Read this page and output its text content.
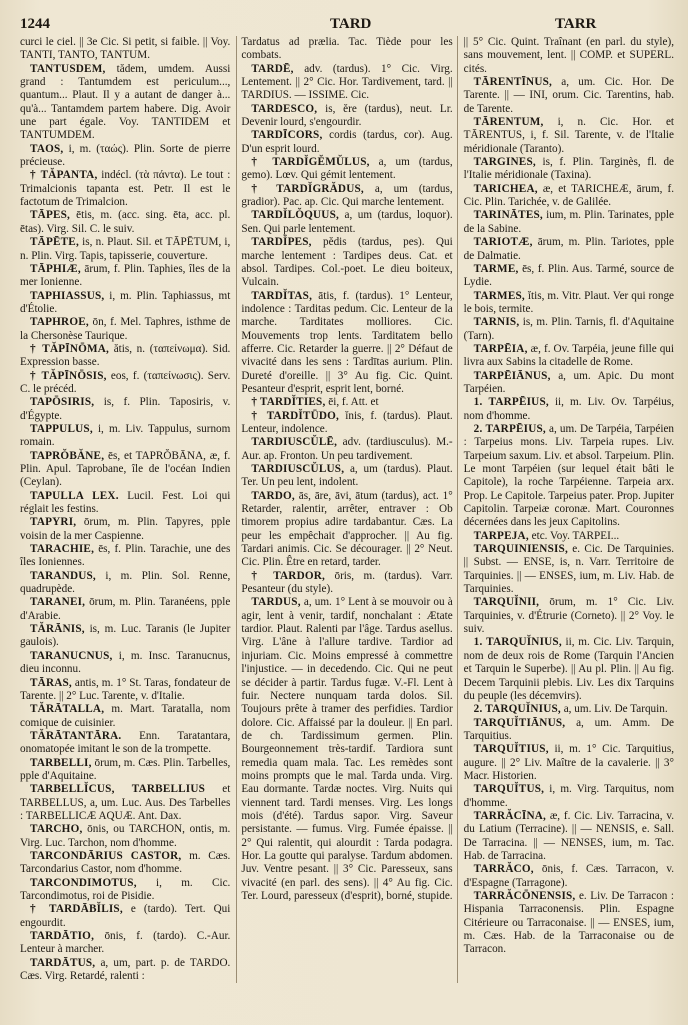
1244	TARD	TARR

curci le ciel. || 3e Cic. Si petit, si faible. || Voy. TANTI, TANTO, TANTUM.

TANTUSDEM, tădem, umdem. Aussi grand : Tantumdem est periculum..., quantum... Plaut. Il y a autant de danger à... qu'à... Tantamdem partem habere. Dig. Avoir une part égale. Voy. TANTIDEM et TANTUMDEM.

TAOS, i, m. (ταώς). Plin. Sorte de pierre précieuse.

† TĂPANTA, indécl. (τὰ πάντα). Le tout : Trimalcionis tapanta est. Petr. Il est le factotum de Trimalcion.

TĀPES, ētis, m. (acc. sing. ēta, acc. pl. ētas). Virg. Sil. C. le suiv.

TĀPĒTE, is, n. Plaut. Sil. et TĀPĒTUM, i, n. Plin. Virg. Tapis, tapisserie, couverture.

TĀPHIÆ, ārum, f. Plin. Taphies, îles de la mer Ionienne.

TAPHIASSUS, i, m. Plin. Taphiassus, mt d'Étolie.

TAPHROE, ōn, f. Mel. Taphres, isthme de la Chersonèse Taurique.

† TĂPĪNŌMA, ătis, n. (ταπείνωμα). Sid. Expression basse.

† TĂPĪNŌSIS, eos, f. (ταπείνωσις). Serv. C. le précéd.

TAPŌSIRIS, is, f. Plin. Taposiris, v. d'Égypte.

TAPPULUS, i, m. Liv. Tappulus, surnom romain.

TAPRŎBĂNE, ēs, et TAPRŎBĀNA, æ, f. Plin. Apul. Taprobane, île de l'océan Indien (Ceylan).

TAPULLA LEX. Lucil. Fest. Loi qui réglait les festins.

TAPYRI, ōrum, m. Plin. Tapyres, pple voisin de la mer Caspienne.

TARACHIE, ēs, f. Plin. Tarachie, une des îles Ioniennes.

TARANDUS, i, m. Plin. Sol. Renne, quadrupède.

TARANEI, ōrum, m. Plin. Taranéens, pple d'Arabie.

TĂRĀNIS, is, m. Luc. Taranis (le Jupiter gaulois).

TARANUCNUS, i, m. Insc. Taranucnus, dieu inconnu.

TĀRAS, antis, m. 1° St. Taras, fondateur de Tarente. || 2° Luc. Tarente, v. d'Italie.

TĂRĀTALLA, m. Mart. Taratalla, nom comique de cuisinier.

TĂRĀTANTĀRA. Enn. Taratantara, onomatopée imitant le son de la trompette.

TARBELLI, ōrum, m. Cæs. Plin. Tarbelles, pple d'Aquitaine.

TARBELLĬCUS, TARBELLIUS et TARBELLUS, a, um. Luc. Aus. Des Tarbelles : TARBELLICÆ AQUÆ. Ant. Dax.

TARCHO, ōnis, ou TARCHON, ontis, m. Virg. Luc. Tarchon, nom d'homme.

TARCONDĀRIUS CASTOR, m. Cæs. Tarcondarius Castor, nom d'homme.

TARCONDIMOTUS, i, m. Cic. Tarcondimotus, roi de Pisidie.

† TARDĀBĬLIS, e (tardo). Tert. Qui engourdit.

TARDĀTIO, ōnis, f. (tardo). C.-Aur. Lenteur à marcher.

TARDĀTUS, a, um, part. p. de TARDO. Cæs. Virg. Retardé, ralenti :

Tardatus ad prælia. Tac. Tiède pour les combats.

TARDĒ, adv. (tardus). 1° Cic. Virg. Lentement. || 2° Cic. Hor. Tardivement, tard. || TARDIUS. — ISSIME. Cic.

TARDESCO, is, ĕre (tardus), neut. Lr. Devenir lourd, s'engourdir.

TARDĪCORS, cordis (tardus, cor). Aug. D'un esprit lourd.

† TARDĬGĔMŬLUS, a, um (tardus, gemo). Lœv. Qui gémit lentement.

† TARDĬGRĂDUS, a, um (tardus, gradior). Pac. ap. Cic. Qui marche lentement.

TARDĬLŎQUUS, a, um (tardus, loquor). Sen. Qui parle lentement.

TARDĬPES, pĕdis (tardus, pes). Qui marche lentement : Tardipes deus. Cat. et absol. Tardipes. Col.-poet. Le dieu boiteux, Vulcain.

TARDĬTAS, ātis, f. (tardus). 1° Lenteur, indolence : Tarditas pedum. Cic. Lenteur de la marche. Tarditates molliores. Cic. Mouvements trop lents. Tarditatem bello afferre. Cic. Retarder la guerre. || 2° Défaut de vivacité dans les sens : Tardītas aurium. Plin. Dureté d'oreille. || 3° Au fig. Cic. Quint. Pesanteur d'esprit, esprit lent, borné.

† TARDĬTIES, ēi, f. Att. et

† TARDĬTŪDO, ĭnis, f. (tardus). Plaut. Lenteur, indolence.

TARDIUSCŬLĒ, adv. (tardiusculus). M.-Aur. ap. Fronton. Un peu tardivement.

TARDIUSCŬLUS, a, um (tardus). Plaut. Ter. Un peu lent, indolent.

TARDO, ās, āre, āvi, ātum (tardus), act. 1° Retarder, ralentir, arrêter, entraver : Ob timorem propius adire tardabantur. Cæs. La peur les empêchait d'approcher. || Au fig. Tardari animis. Cic. Se décourager. || 2° Neut. Cic. Plin. Être en retard, tarder.

† TARDOR, ōris, m. (tardus). Varr. Pesanteur (du style).

TARDUS, a, um. 1° Lent à se mouvoir ou à agir, lent à venir, tardif, nonchalant : Ætate tardior. Plaut. Ralenti par l'âge. Tardus asellus. Virg. L'âne à l'allure tardive. Tardior ad injuriam. Cic. Moins empressé à commettre l'injustice. — in decedendo. Cic. Qui ne peut se décider à partir. Tardus fugæ. V.-Fl. Lent à fuir. Nectere nunquam tarda dolos. Sil. Toujours prête à tramer des perfidies. Tardior dolore. Cic. Affaissé par la douleur. || En parl. de ch. Tardissimum germen. Plin. Bourgeonnement très-tardif. Tardiora sunt remedia quam mala. Tac. Les remèdes sont moins prompts que le mal. Tarda unda. Virg. Eau dormante. Tardæ noctes. Virg. Nuits qui viennent tard. Tardi menses. Virg. Les longs mois (d'été). Tardus sapor. Virg. Saveur persistante. — fumus. Virg. Fumée épaisse. || 2° Qui ralentit, qui alourdit : Tarda podagra. Hor. La goutte qui paralyse. Tardum abdomen. Juv. Ventre pesant. || 3° Cic. Paresseux, sans vivacité (en parl. des sens). || 4° Au fig. Cic. Ter. Lourd, paresseux (d'esprit), borné, stupide.

|| 5° Cic. Quint. Traînant (en parl. du style), sans mouvement, lent. || COMP. et SUPERL. cités.

TĀRENTĪNUS, a, um. Cic. Hor. De Tarente. || — INI, orum. Cic. Tarentins, hab. de Tarente.

TĀRENTUM, i, n. Cic. Hor. et TĀRENTUS, i, f. Sil. Tarente, v. de l'Italie méridionale (Taranto).

TARGINES, is, f. Plin. Targinès, fl. de l'Italie méridionale (Taxina).

TARICHEA, æ, et TARICHEÆ, ārum, f. Cic. Plin. Tarichée, v. de Galilée.

TARINĀTES, ium, m. Plin. Tarinates, pple de la Sabine.

TARIOTÆ, ārum, m. Plin. Tariotes, pple de Dalmatie.

TARME, ēs, f. Plin. Aus. Tarmé, source de Lydie.

TARMES, ĭtis, m. Vitr. Plaut. Ver qui ronge le bois, termite.

TARNIS, is, m. Plin. Tarnis, fl. d'Aquitaine (Tarn).

TARPĒIA, æ, f. Ov. Tarpéia, jeune fille qui livra aux Sabins la citadelle de Rome.

TARPĒIĀNUS, a, um. Apic. Du mont Tarpéien.

1. TARPĒIUS, ii, m. Liv. Ov. Tarpéius, nom d'homme.

2. TARPĒIUS, a, um. De Tarpéia, Tarpéien : Tarpeius mons. Liv. Tarpeia rupes. Liv. Tarpeium saxum. Liv. et absol. Tarpeium. Plin. Le mont Tarpéien (sur lequel était bâti le Capitole), la roche Tarpéienne. Tarpeia arx. Prop. Le Capitole. Tarpeius pater. Prop. Jupiter Capitolin. Tarpeiæ coronæ. Mart. Couronnes décernées dans les jeux Capitolins.

TARPEJA, etc. Voy. TARPEI...

TARQUINIENSIS, e. Cic. De Tarquinies. || Subst. — ENSE, is, n. Varr. Territoire de Tarquinies. || — ENSES, ium, m. Liv. Hab. de Tarquinies.

TARQUĬNII, ōrum, m. 1° Cic. Liv. Tarquinies, v. d'Étrurie (Corneto). || 2° Voy. le suiv.

1. TARQUĬNIUS, ii, m. Cic. Liv. Tarquin, nom de deux rois de Rome (Tarquin l'Ancien et Tarquin le Superbe). || Au pl. Plin. || Au fig. Decem Tarquinii plebis. Liv. Les dix Tarquins du peuple (les décemvirs).

2. TARQUĬNIUS, a, um. Liv. De Tarquin.

TARQUĬTIĀNUS, a, um. Amm. De Tarquitius.

TARQUĬTIUS, ii, m. 1° Cic. Tarquitius, augure. || 2° Liv. Maître de la cavalerie. || 3° Macr. Historien.

TARQUĬTUS, i, m. Virg. Tarquitus, nom d'homme.

TARRĂCĪNA, æ, f. Cic. Liv. Tarracina, v. du Latium (Terracine). || — NENSIS, e. Sall. De Tarracina. || — NENSES, ium, m. Tac. Hab. de Tarracina.

TARRĂCO, ōnis, f. Cæs. Tarracon, v. d'Espagne (Tarragone).

TARRĂCŌNENSIS, e. Liv. De Tarracon : Hispania Tarraconensis. Plin. Espagne Citérieure ou Tarraconaise. || — ENSES, ium, m. Cæs. Hab. de la Tarraconaise ou de Tarracon.
